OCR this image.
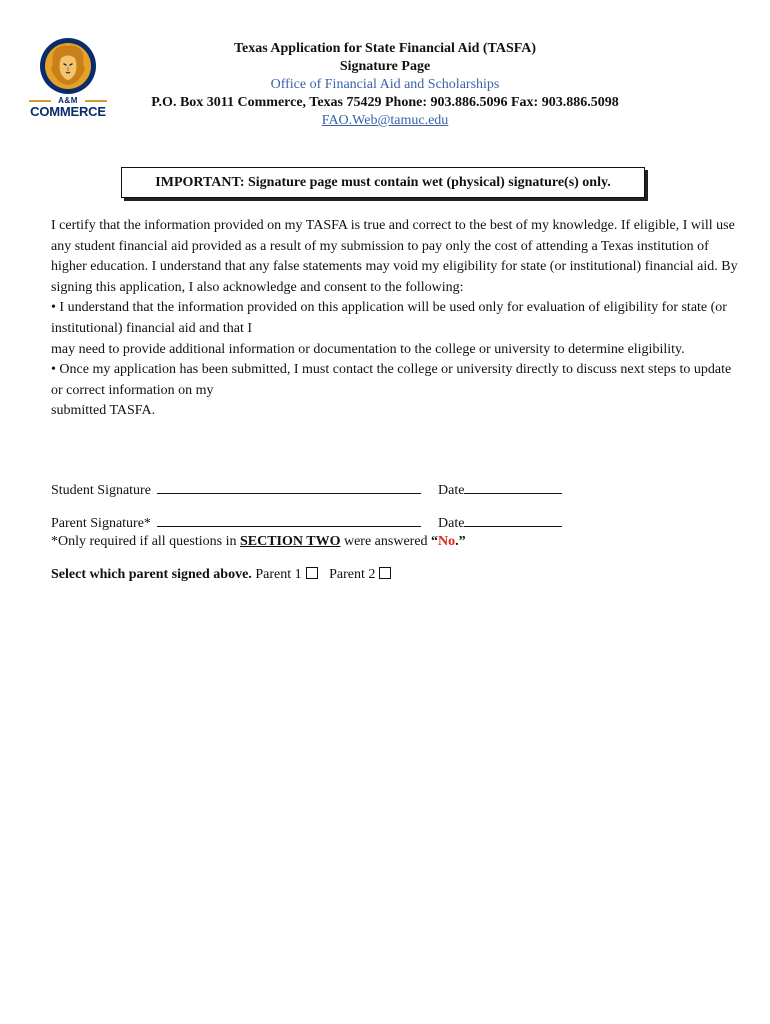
A&M
COMMERCE
Texas Application for State Financial Aid (TASFA)
Signature Page
Office of Financial Aid and Scholarships
P.O. Box 3011 Commerce, Texas 75429 Phone: 903.886.5096 Fax: 903.886.5098
FAO.Web@tamuc.edu
IMPORTANT: Signature page must contain wet (physical) signature(s) only.

I certify that the information provided on my TASFA is true and correct to the best of my knowledge. If eligible, I will use any student financial aid provided as a result of my submission to pay only the cost of attending a Texas institution of higher education. I understand that any false statements may void my eligibility for state (or institutional) financial aid. By signing this application, I also acknowledge and consent to the following:

• I understand that the information provided on this application will be used only for evaluation of eligibility for state (or institutional) financial aid and that I

may need to provide additional information or documentation to the college or university to determine eligibility.

• Once my application has been submitted, I must contact the college or university directly to discuss next steps to update or correct information on my

submitted TASFA.

Student Signature	Date
Parent Signature*	Date
*Only required if all questions in SECTION TWO were answered “No.”
Select which parent signed above. Parent 1 Parent 2
